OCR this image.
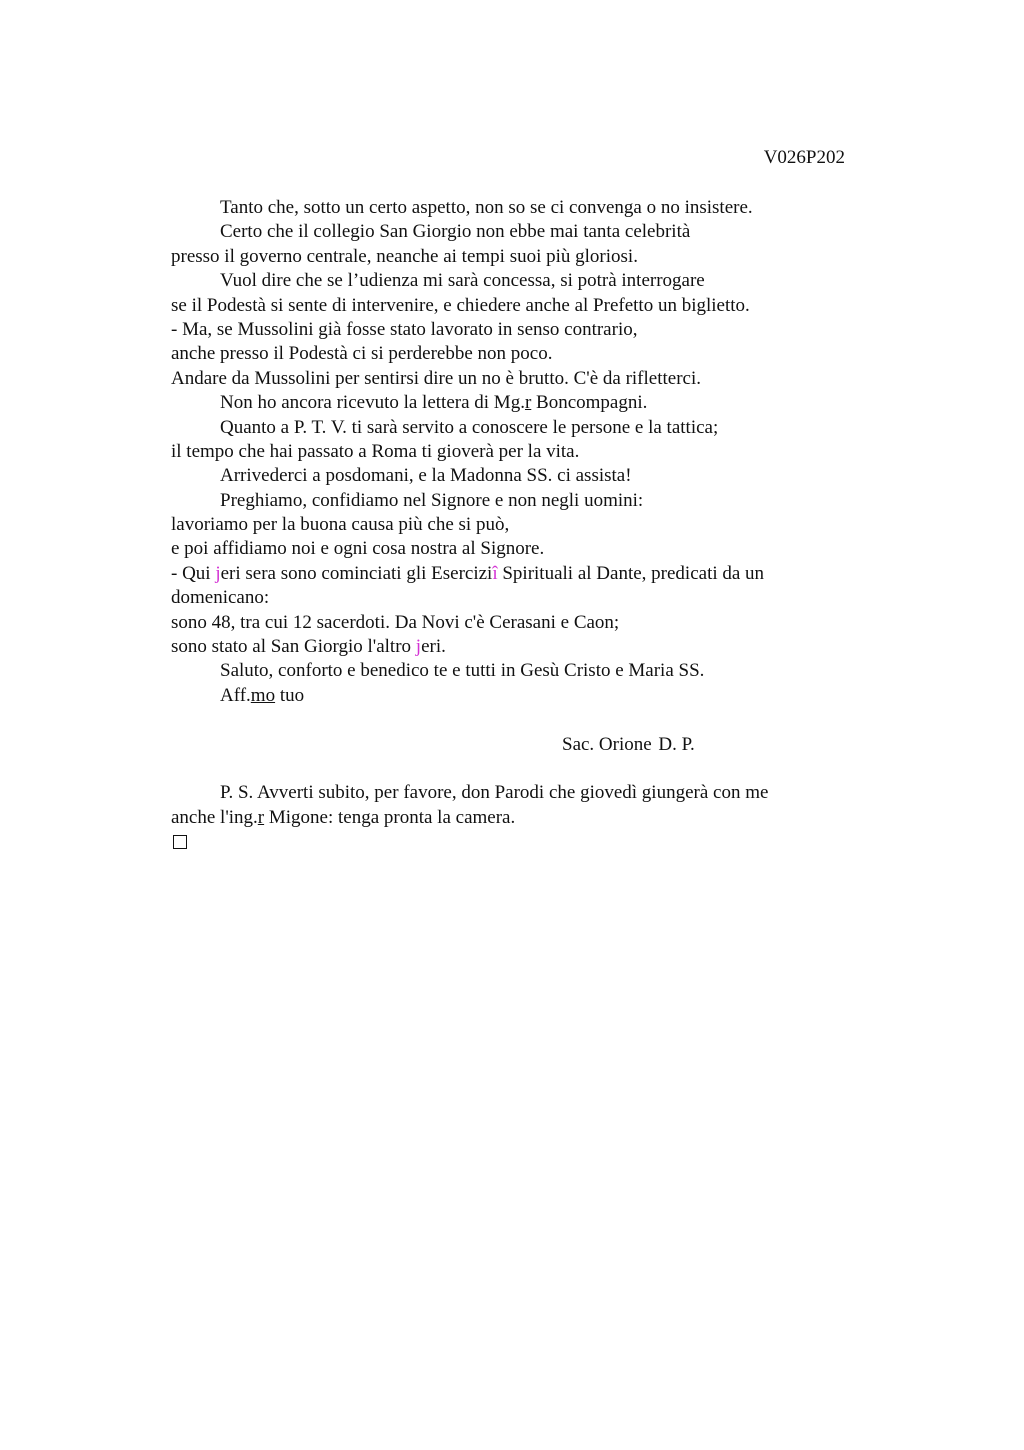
V026P202
Tanto che, sotto un certo aspetto, non so se ci convenga o no insistere.
Certo che il collegio San Giorgio non ebbe mai tanta celebrità
presso il governo centrale, neanche ai tempi suoi più gloriosi.
Vuol dire che se l’udienza mi sarà concessa, si potrà interrogare
se il Podestà si sente di intervenire, e chiedere anche al Prefetto un biglietto.
- Ma, se Mussolini già fosse stato lavorato in senso contrario,
anche presso il Podestà ci si perderebbe non poco.
Andare da Mussolini per sentirsi dire un no è brutto. C'è da rifletterci.
Non ho ancora ricevuto la lettera di Mg.r Boncompagni.
Quanto a P. T. V. ti sarà servito a conoscere le persone e la tattica;
il tempo che hai passato a Roma ti gioverà per la vita.
Arrivederci a posdomani, e la Madonna SS. ci assista!
Preghiamo, confidiamo nel Signore e non negli uomini:
lavoriamo per la buona causa più che si può,
e poi affidiamo noi e ogni cosa nostra al Signore.
- Qui jeri sera sono cominciati gli Eserciziî Spirituali al Dante, predicati da un
domenicano:
sono 48, tra cui 12 sacerdoti. Da Novi c'è Cerasani e Caon;
sono stato al San Giorgio l'altro jeri.
Saluto, conforto e benedico te e tutti in Gesù Cristo e Maria SS.
Aff.mo tuo
Sac. Orione D. P.
P. S. Avverti subito, per favore, don Parodi che giovedì giungerà con me
anche l'ing.r Migone: tenga pronta la camera.
